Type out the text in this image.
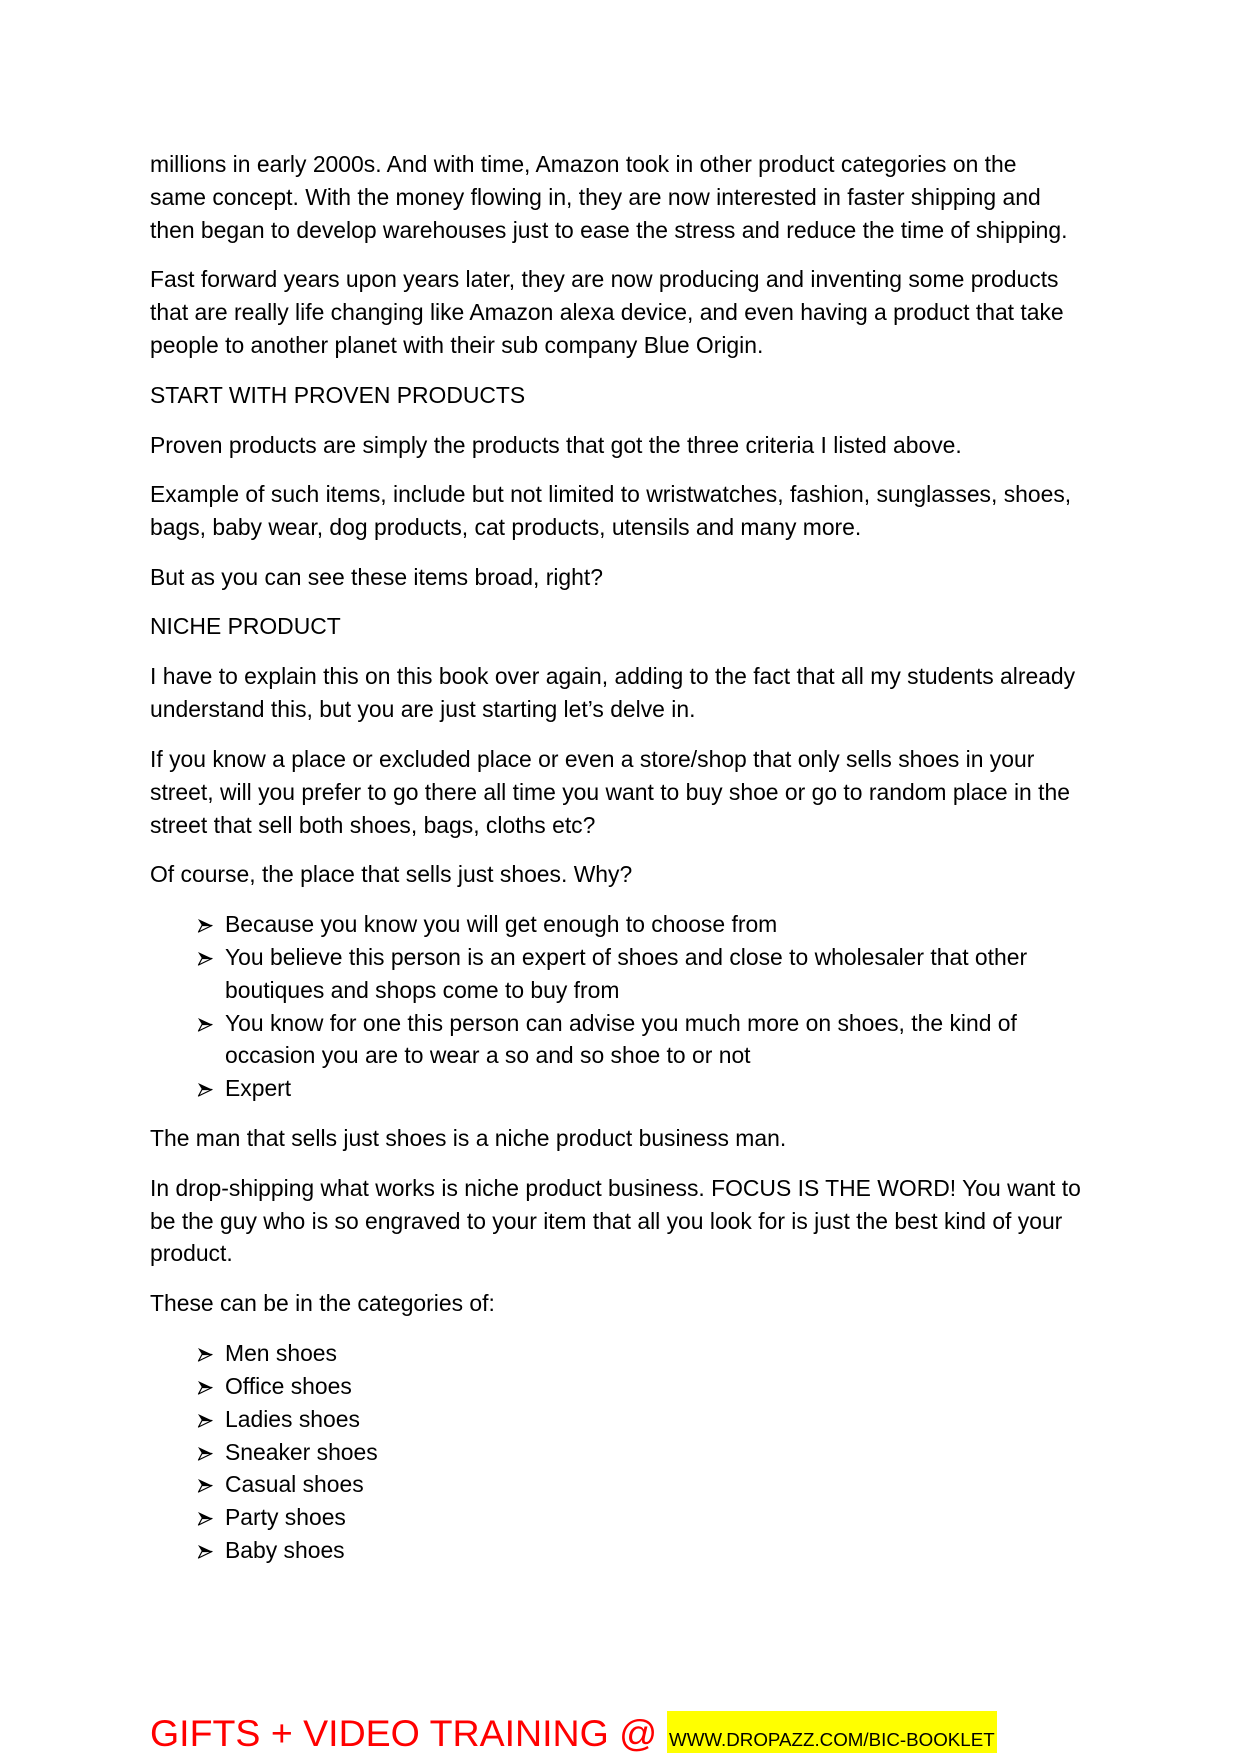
millions in early 2000s. And with time, Amazon took in other product categories on the
same concept. With the money flowing in, they are now interested in faster shipping and
then began to develop warehouses just to ease the stress and reduce the time of shipping.

Fast forward years upon years later, they are now producing and inventing some products
that are really life changing like Amazon alexa device, and even having a product that take
people to another planet with their sub company Blue Origin.

START WITH PROVEN PRODUCTS

Proven products are simply the products that got the three criteria I listed above.

Example of such items, include but not limited to wristwatches, fashion, sunglasses, shoes,
bags, baby wear, dog products, cat products, utensils and many more.

But as you can see these items broad, right?

NICHE PRODUCT

I have to explain this on this book over again, adding to the fact that all my students already
understand this, but you are just starting let’s delve in.

If you know a place or excluded place or even a store/shop that only sells shoes in your
street, will you prefer to go there all time you want to buy shoe or go to random place in the
street that sell both shoes, bags, cloths etc?

Of course, the place that sells just shoes. Why?

Because you know you will get enough to choose from
You believe this person is an expert of shoes and close to wholesaler that other
boutiques and shops come to buy from
You know for one this person can advise you much more on shoes, the kind of
occasion you are to wear a so and so shoe to or not
Expert

The man that sells just shoes is a niche product business man.

In drop-shipping what works is niche product business. FOCUS IS THE WORD! You want to
be the guy who is so engraved to your item that all you look for is just the best kind of your
product.

These can be in the categories of:

Men shoes
Office shoes
Ladies shoes
Sneaker shoes
Casual shoes
Party shoes
Baby shoes
GIFTS + VIDEO TRAINING @ WWW.DROPAZZ.COM/BIC-BOOKLET
